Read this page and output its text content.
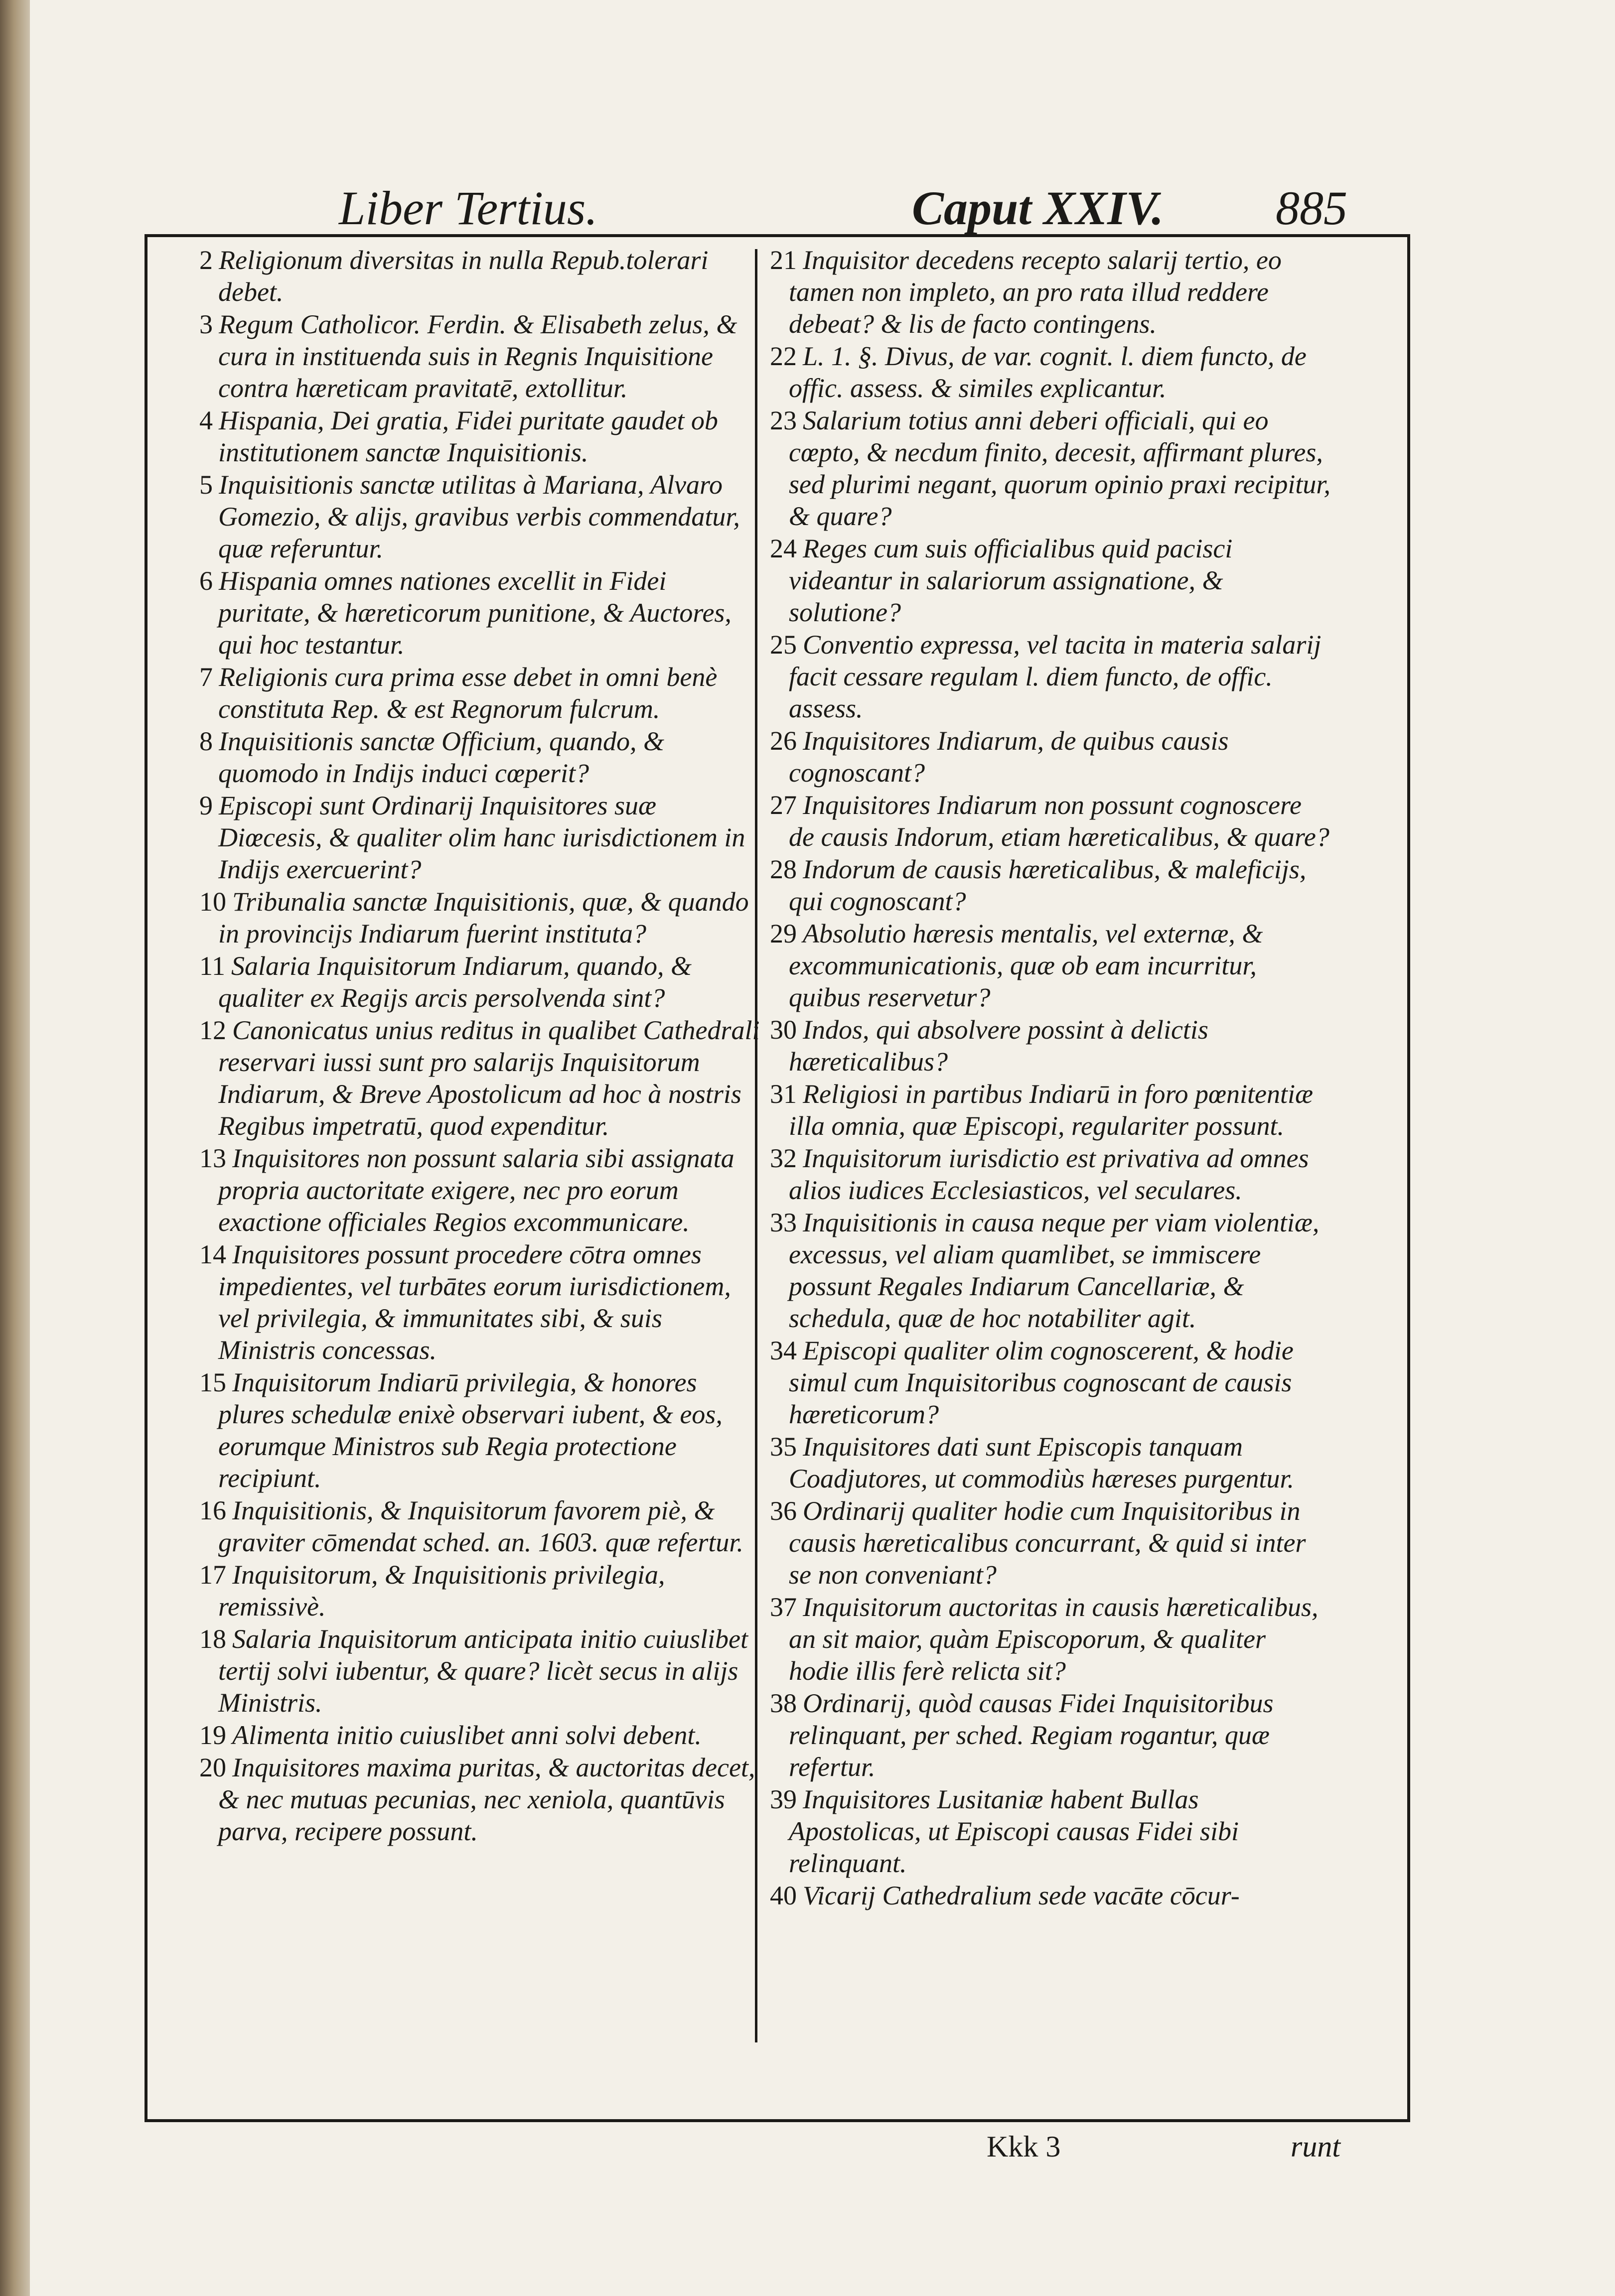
Liber Tertius.	Caput XXIV. 885

2 Religionum diversitas in nulla Repub.tolerari debet.

3 Regum Catholicor. Ferdin. & Elisabeth zelus, & cura in instituenda suis in Regnis Inquisitione contra hæreticam pravitatē, extollitur.

4 Hispania, Dei gratia, Fidei puritate gaudet ob institutionem sanctæ Inquisitionis.

5 Inquisitionis sanctæ utilitas à Mariana, Alvaro Gomezio, & alijs, gravibus verbis commendatur, quæ referuntur.

6 Hispania omnes nationes excellit in Fidei puritate, & hæreticorum punitione, & Auctores, qui hoc testantur.

7 Religionis cura prima esse debet in omni benè constituta Rep. & est Regnorum fulcrum.

8 Inquisitionis sanctæ Officium, quando, & quomodo in Indijs induci cœperit?

9 Episcopi sunt Ordinarij Inquisitores suæ Diœcesis, & qualiter olim hanc iurisdictionem in Indijs exercuerint?

10 Tribunalia sanctæ Inquisitionis, quæ, & quando in provincijs Indiarum fuerint instituta?

11 Salaria Inquisitorum Indiarum, quando, & qualiter ex Regijs arcis persolvenda sint?

12 Canonicatus unius reditus in qualibet Cathedrali reservari iussi sunt pro salarijs Inquisitorum Indiarum, & Breve Apostolicum ad hoc à nostris Regibus impetratū, quod expenditur.

13 Inquisitores non possunt salaria sibi assignata propria auctoritate exigere, nec pro eorum exactione officiales Regios excommunicare.

14 Inquisitores possunt procedere cōtra omnes impedientes, vel turbātes eorum iurisdictionem, vel privilegia, & immunitates sibi, & suis Ministris concessas.

15 Inquisitorum Indiarū privilegia, & honores plures schedulæ enixè observari iubent, & eos, eorumque Ministros sub Regia protectione recipiunt.

16 Inquisitionis, & Inquisitorum favorem piè, & graviter cōmendat sched. an. 1603. quæ refertur.

17 Inquisitorum, & Inquisitionis privilegia, remissivè.

18 Salaria Inquisitorum anticipata initio cuiuslibet tertij solvi iubentur, & quare? licèt secus in alijs Ministris.

19 Alimenta initio cuiuslibet anni solvi debent.

20 Inquisitores maxima puritas, & auctoritas decet, & nec mutuas pecunias, nec xeniola, quantūvis parva, recipere possunt.

21 Inquisitor decedens recepto salarij tertio, eo tamen non impleto, an pro rata illud reddere debeat? & lis de facto contingens.

22 L. 1. §. Divus, de var. cognit. l. diem functo, de offic. assess. & similes explicantur.

23 Salarium totius anni deberi officiali, qui eo cœpto, & necdum finito, decesit, affirmant plures, sed plurimi negant, quorum opinio praxi recipitur, & quare?

24 Reges cum suis officialibus quid pacisci videantur in salariorum assignatione, & solutione?

25 Conventio expressa, vel tacita in materia salarij facit cessare regulam l. diem functo, de offic. assess.

26 Inquisitores Indiarum, de quibus causis cognoscant?

27 Inquisitores Indiarum non possunt cognoscere de causis Indorum, etiam hæreticalibus, & quare?

28 Indorum de causis hæreticalibus, & maleficijs, qui cognoscant?

29 Absolutio hæresis mentalis, vel externæ, & excommunicationis, quæ ob eam incurritur, quibus reservetur?

30 Indos, qui absolvere possint à delictis hæreticalibus?

31 Religiosi in partibus Indiarū in foro pœnitentiæ illa omnia, quæ Episcopi, regulariter possunt.

32 Inquisitorum iurisdictio est privativa ad omnes alios iudices Ecclesiasticos, vel seculares.

33 Inquisitionis in causa neque per viam violentiæ, excessus, vel aliam quamlibet, se immiscere possunt Regales Indiarum Cancellariæ, & schedula, quæ de hoc notabiliter agit.

34 Episcopi qualiter olim cognoscerent, & hodie simul cum Inquisitoribus cognoscant de causis hæreticorum?

35 Inquisitores dati sunt Episcopis tanquam Coadjutores, ut commodiùs hæreses purgentur.

36 Ordinarij qualiter hodie cum Inquisitoribus in causis hæreticalibus concurrant, & quid si inter se non conveniant?

37 Inquisitorum auctoritas in causis hæreticalibus, an sit maior, quàm Episcoporum, & qualiter hodie illis ferè relicta sit?

38 Ordinarij, quòd causas Fidei Inquisitoribus relinquant, per sched. Regiam rogantur, quæ refertur.

39 Inquisitores Lusitaniæ habent Bullas Apostolicas, ut Episcopi causas Fidei sibi relinquant.

40 Vicarij Cathedralium sede vacāte cōcur-

Kkk 3	runt
